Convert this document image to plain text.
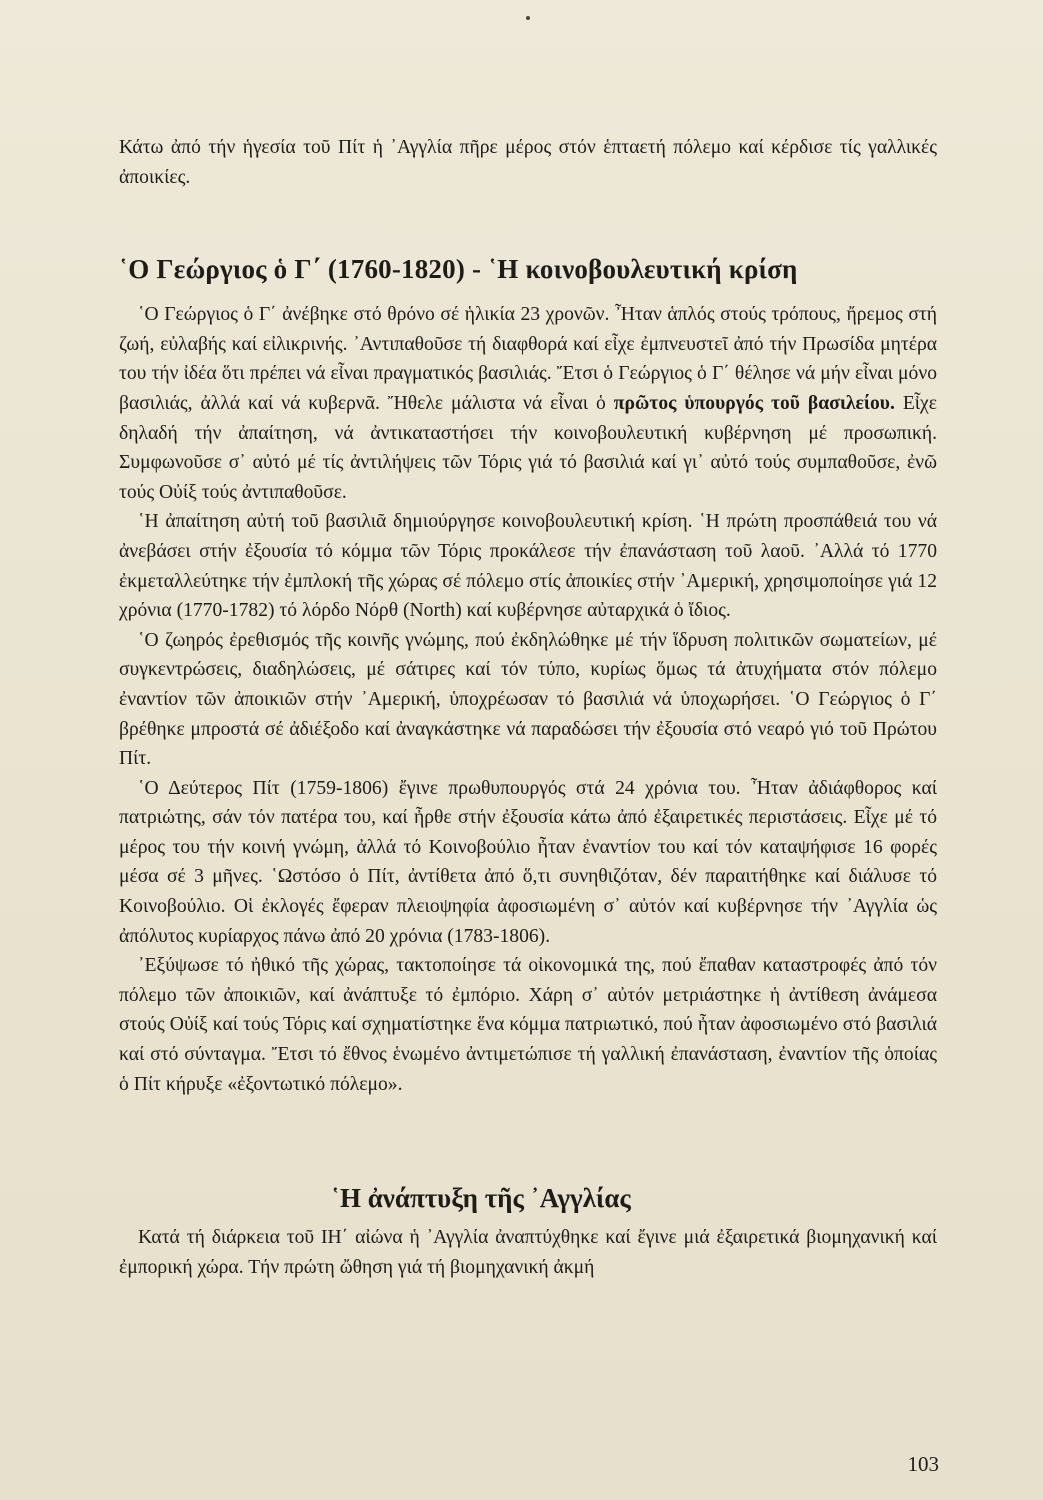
Κάτω ἀπό τήν ἡγεσία τοῦ Πίτ ἡ ᾿Αγγλία πῆρε μέρος στόν ἑπταετή πόλεμο καί κέρδισε τίς γαλλικές ἀποικίες.

῾Ο Γεώργιος ὁ Γ΄ (1760-1820) - ῾Η κοινοβουλευτική κρίση

῾Ο Γεώργιος ὁ Γ΄ ἀνέβηκε στό θρόνο σέ ἡλικία 23 χρονῶν. Ἦταν ἁπλός στούς τρόπους, ἤρεμος στή ζωή, εὐλαβής καί εἰλικρινής. ᾿Αντιπαθοῦσε τή διαφθορά καί εἶχε ἐμπνευστεῖ ἀπό τήν Πρωσίδα μητέρα του τήν ἰδέα ὅτι πρέπει νά εἶναι πραγματικός βασιλιάς. Ἔτσι ὁ Γεώργιος ὁ Γ΄ θέλησε νά μήν εἶναι μόνο βασιλιάς, ἀλλά καί νά κυβερνᾶ. Ἤθελε μάλιστα νά εἶναι ὁ πρῶτος ὑπουργός τοῦ βασιλείου. Εἶχε δηλαδή τήν ἀπαίτηση, νά ἀντικαταστήσει τήν κοινοβουλευτική κυβέρνηση μέ προσωπική. Συμφωνοῦσε σ᾿ αὐτό μέ τίς ἀντιλήψεις τῶν Τόρις γιά τό βασιλιά καί γι᾿ αὐτό τούς συμπαθοῦσε, ἐνῶ τούς Οὐίξ τούς ἀντιπαθοῦσε.

῾Η ἀπαίτηση αὐτή τοῦ βασιλιᾶ δημιούργησε κοινοβουλευτική κρίση. ῾Η πρώτη προσπάθειά του νά ἀνεβάσει στήν ἐξουσία τό κόμμα τῶν Τόρις προκάλεσε τήν ἐπανάσταση τοῦ λαοῦ. ᾿Αλλά τό 1770 ἐκμεταλλεύτηκε τήν ἐμπλοκή τῆς χώρας σέ πόλεμο στίς ἀποικίες στήν ᾿Αμερική, χρησιμοποίησε γιά 12 χρόνια (1770-1782) τό λόρδο Νόρθ (North) καί κυβέρνησε αὐταρχικά ὁ ἴδιος.

῾Ο ζωηρός ἐρεθισμός τῆς κοινῆς γνώμης, πού ἐκδηλώθηκε μέ τήν ἵδρυση πολιτικῶν σωματείων, μέ συγκεντρώσεις, διαδηλώσεις, μέ σάτιρες καί τόν τύπο, κυρίως ὅμως τά ἀτυχήματα στόν πόλεμο ἐναντίον τῶν ἀποικιῶν στήν ᾿Αμερική, ὑποχρέωσαν τό βασιλιά νά ὑποχωρήσει. ῾Ο Γεώργιος ὁ Γ΄ βρέθηκε μπροστά σέ ἀδιέξοδο καί ἀναγκάστηκε νά παραδώσει τήν ἐξουσία στό νεαρό γιό τοῦ Πρώτου Πίτ.

῾Ο Δεύτερος Πίτ (1759-1806) ἔγινε πρωθυπουργός στά 24 χρόνια του. Ἦταν ἀδιάφθορος καί πατριώτης, σάν τόν πατέρα του, καί ἦρθε στήν ἐξουσία κάτω ἀπό ἐξαιρετικές περιστάσεις. Εἶχε μέ τό μέρος του τήν κοινή γνώμη, ἀλλά τό Κοινοβούλιο ἦταν ἐναντίον του καί τόν καταψήφισε 16 φορές μέσα σέ 3 μῆνες. ῾Ωστόσο ὁ Πίτ, ἀντίθετα ἀπό ὅ,τι συνηθιζόταν, δέν παραιτήθηκε καί διάλυσε τό Κοινοβούλιο. Οἱ ἐκλογές ἔφεραν πλειοψηφία ἀφοσιωμένη σ᾿ αὐτόν καί κυβέρνησε τήν ᾿Αγγλία ὡς ἀπόλυτος κυρίαρχος πάνω ἀπό 20 χρόνια (1783-1806).

᾿Εξύψωσε τό ἠθικό τῆς χώρας, τακτοποίησε τά οἰκονομικά της, πού ἔπαθαν καταστροφές ἀπό τόν πόλεμο τῶν ἀποικιῶν, καί ἀνάπτυξε τό ἐμπόριο. Χάρη σ᾿ αὐτόν μετριάστηκε ἡ ἀντίθεση ἀνάμεσα στούς Οὐίξ καί τούς Τόρις καί σχηματίστηκε ἕνα κόμμα πατριωτικό, πού ἦταν ἀφοσιωμένο στό βασιλιά καί στό σύνταγμα. Ἔτσι τό ἔθνος ἑνωμένο ἀντιμετώπισε τή γαλλική ἐπανάσταση, ἐναντίον τῆς ὁποίας ὁ Πίτ κήρυξε «ἐξοντωτικό πόλεμο».

῾Η ἀνάπτυξη τῆς ᾿Αγγλίας

Κατά τή διάρκεια τοῦ ΙΗ΄ αἰώνα ἡ ᾿Αγγλία ἀναπτύχθηκε καί ἔγινε μιά ἐξαιρετικά βιομηχανική καί ἐμπορική χώρα. Τήν πρώτη ὤθηση γιά τή βιομηχανική ἀκμή

103
